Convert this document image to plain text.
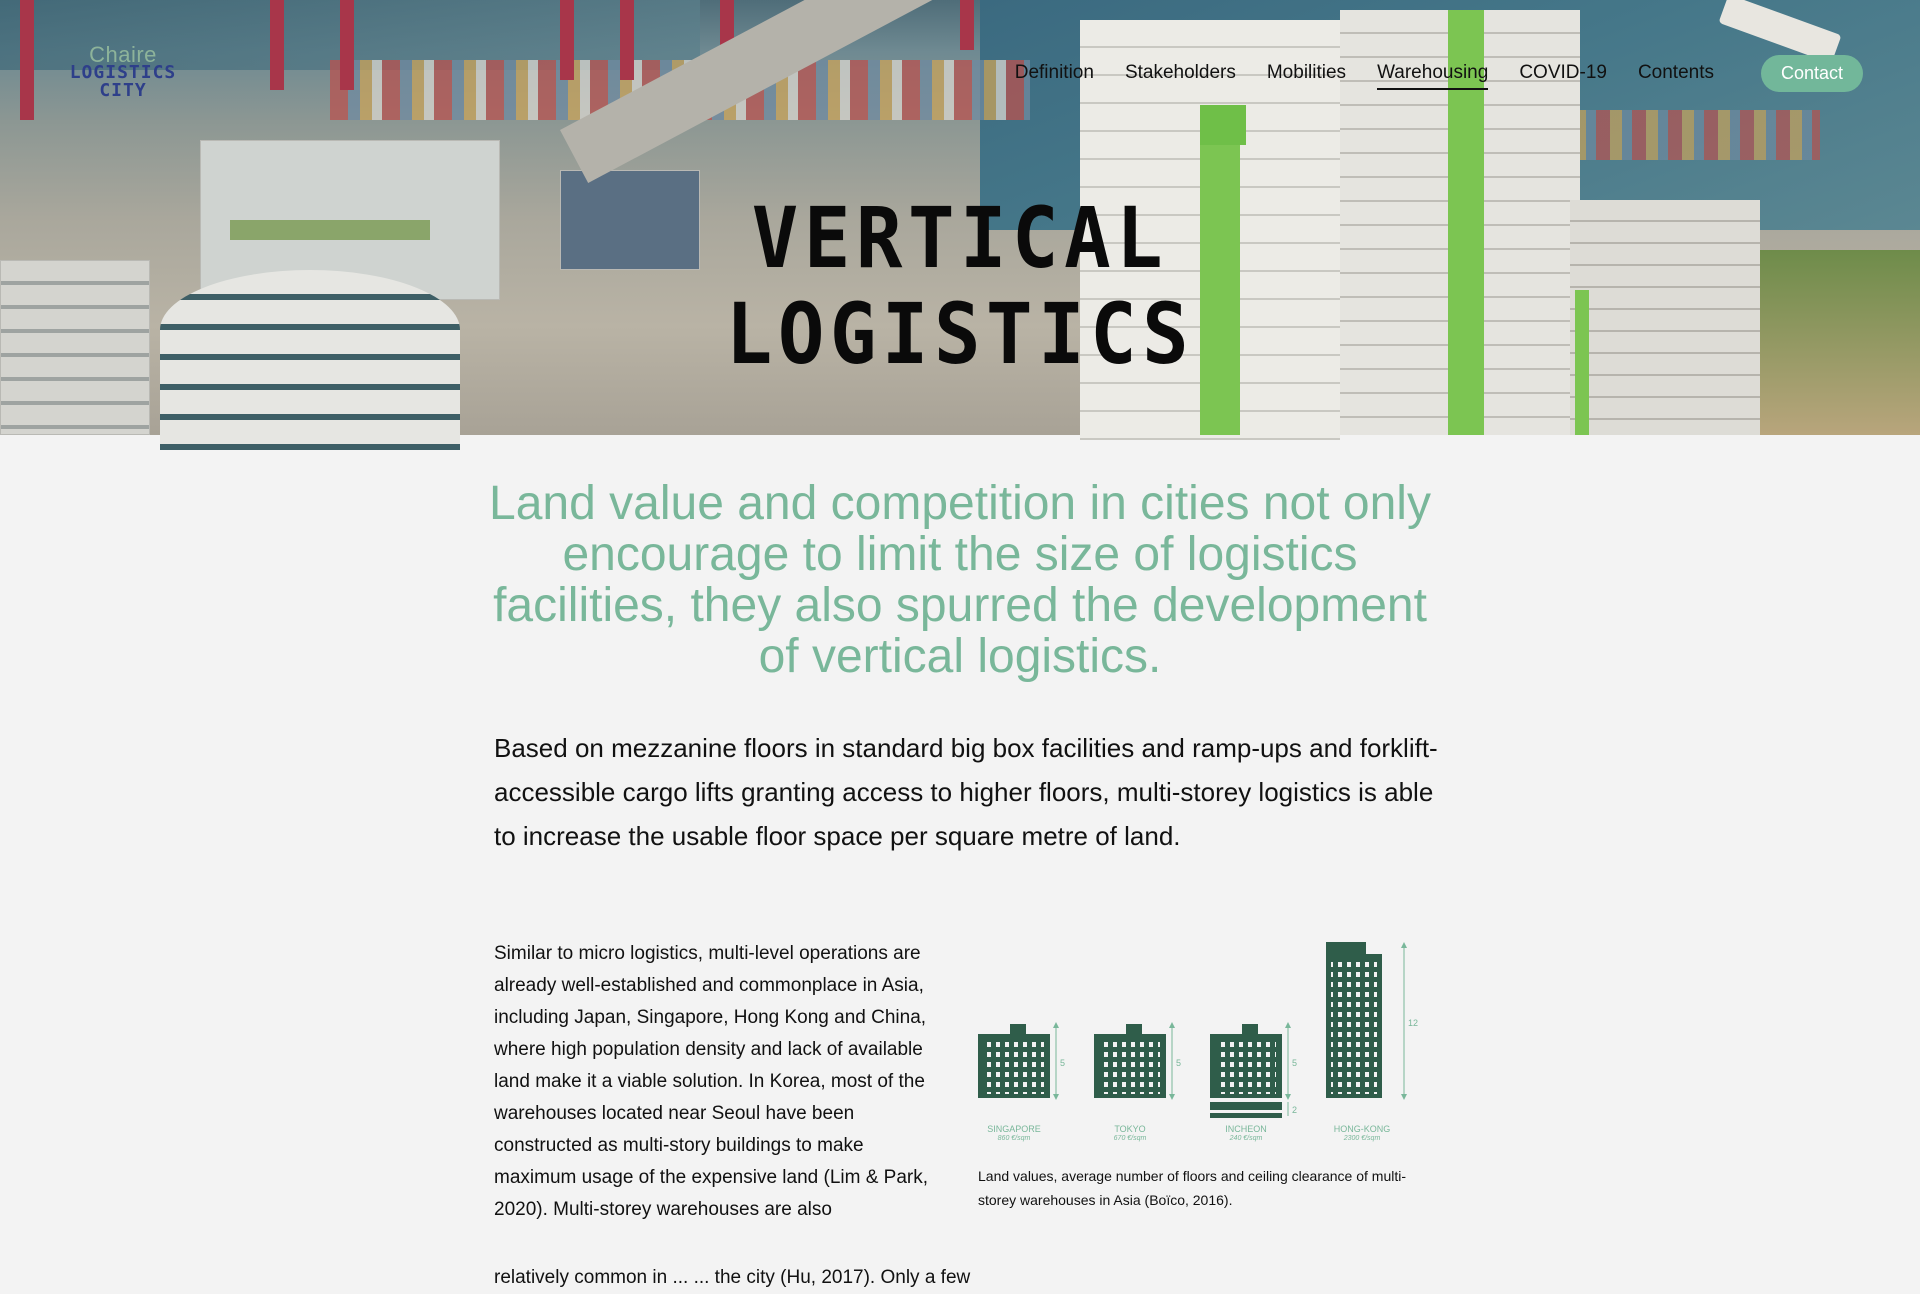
Chaire
LOGISTICS
CITY
Definition Stakeholders Mobilities Warehousing COVID-19 Contents	Contact
VERTICAL
LOGISTICS

Land value and competition in cities not only encourage to limit the size of logistics facilities, they also spurred the development of vertical logistics.

Based on mezzanine floors in standard big box facilities and ramp-ups and forklift-accessible cargo lifts granting access to higher floors, multi-storey logistics is able to increase the usable floor space per square metre of land.

Similar to micro logistics, multi-level operations are already well-established and commonplace in Asia, including Japan, Singapore, Hong Kong and China, where high population density and lack of available land make it a viable solution. In Korea, most of the warehouses located near Seoul have been constructed as multi-story buildings to make maximum usage of the expensive land (Lim & Park, 2020). Multi-storey warehouses are also

5
SINGAPORE
860 €/sqm
5
TOKYO
670 €/sqm
5
2
INCHEON
240 €/sqm
12
HONG-KONG
2300 €/sqm

Land values, average number of floors and ceiling clearance of multi-storey warehouses in Asia (Boïco, 2016).

relatively common in ... ... the city (Hu, 2017). Only a few
